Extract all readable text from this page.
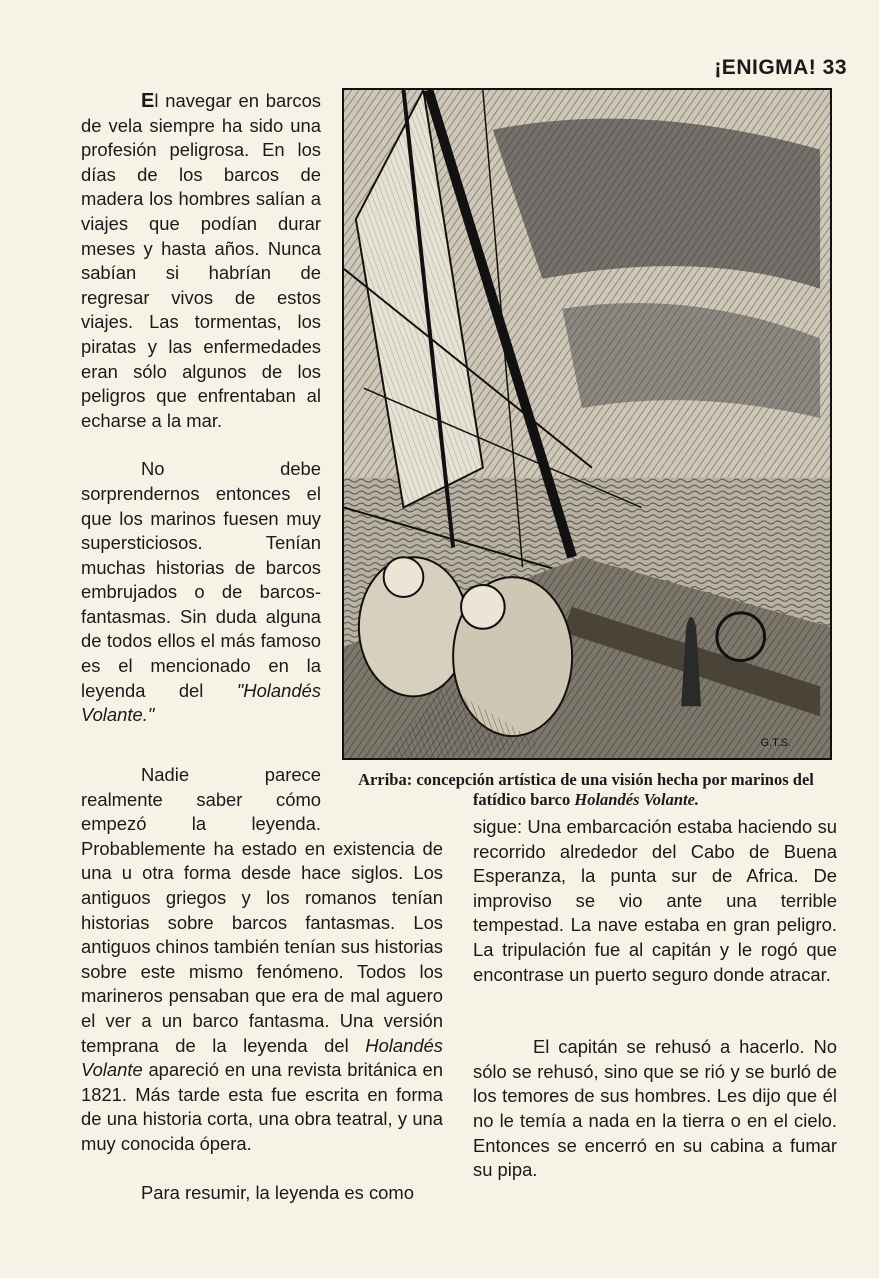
¡ENIGMA! 33

El navegar en barcos de vela siempre ha sido una profesión peligrosa. En los días de los barcos de madera los hombres salían a viajes que podían durar meses y hasta años. Nunca sabían si habrían de regresar vivos de estos viajes. Las tormentas, los piratas y las enfermedades eran sólo algunos de los peligros que enfrentaban al echarse a la mar.

No debe sorprendernos entonces el que los marinos fuesen muy supersticiosos. Tenían muchas historias de barcos embrujados o de barcos-fantasmas. Sin duda alguna de todos ellos el más famoso es el mencionado en la leyenda del "Holandés Volante."

G.T.S.
Arriba: concepción artística de una visión hecha por marinos del fatídico barco Holandés Volante.

Nadie parece realmente saber cómo empezó la leyenda. Probablemente ha estado en existencia de una u otra forma desde hace siglos. Los antiguos griegos y los romanos tenían historias sobre barcos fantasmas. Los antiguos chinos también tenían sus historias sobre este mismo fenómeno. Todos los marineros pensaban que era de mal aguero el ver a un barco fantasma. Una versión temprana de la leyenda del Holandés Volante apareció en una revista británica en 1821. Más tarde esta fue escrita en forma de una historia corta, una obra teatral, y una muy conocida ópera.

Para resumir, la leyenda es como

sigue: Una embarcación estaba haciendo su recorrido alrededor del Cabo de Buena Esperanza, la punta sur de Africa. De improviso se vio ante una terrible tempestad. La nave estaba en gran peligro. La tripulación fue al capitán y le rogó que encontrase un puerto seguro donde atracar.

El capitán se rehusó a hacerlo. No sólo se rehusó, sino que se rió y se burló de los temores de sus hombres. Les dijo que él no le temía a nada en la tierra o en el cielo. Entonces se encerró en su cabina a fumar su pipa.
